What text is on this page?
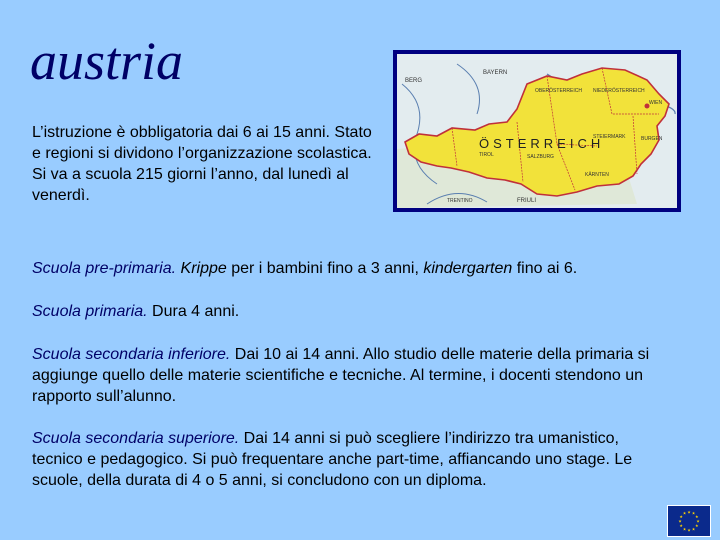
austria
L’istruzione è obbligatoria dai 6 ai 15 anni. Stato e regioni si dividono l’organizzazione scolastica. Si va a scuola 215 giorni l’anno, dal lunedì al venerdì.
BERG
BAYERN
OBERÖSTERREICH NIEDERÖSTERREICH
WIEN
TIROL	SALZBURG
STEIERMARK	BURGEN
KÄRNTEN
FRIULI
TRENTINO
ÖSTERREICH

Scuola pre-primaria. Krippe per i bambini fino a 3 anni, kindergarten fino ai 6.

Scuola primaria. Dura 4 anni.

Scuola secondaria inferiore. Dai 10 ai 14 anni. Allo studio delle materie della primaria si aggiunge quello delle materie scientifiche e tecniche. Al termine, i docenti stendono un rapporto sull’alunno.

Scuola secondaria superiore. Dai 14 anni si può scegliere l’indirizzo tra umanistico, tecnico e pedagogico. Si può frequentare anche part-time, affiancando uno stage. Le scuole, della durata di 4 o 5 anni, si concludono con un diploma.

★
★
★
★
★
★
★
★
★ ★ ★
★
